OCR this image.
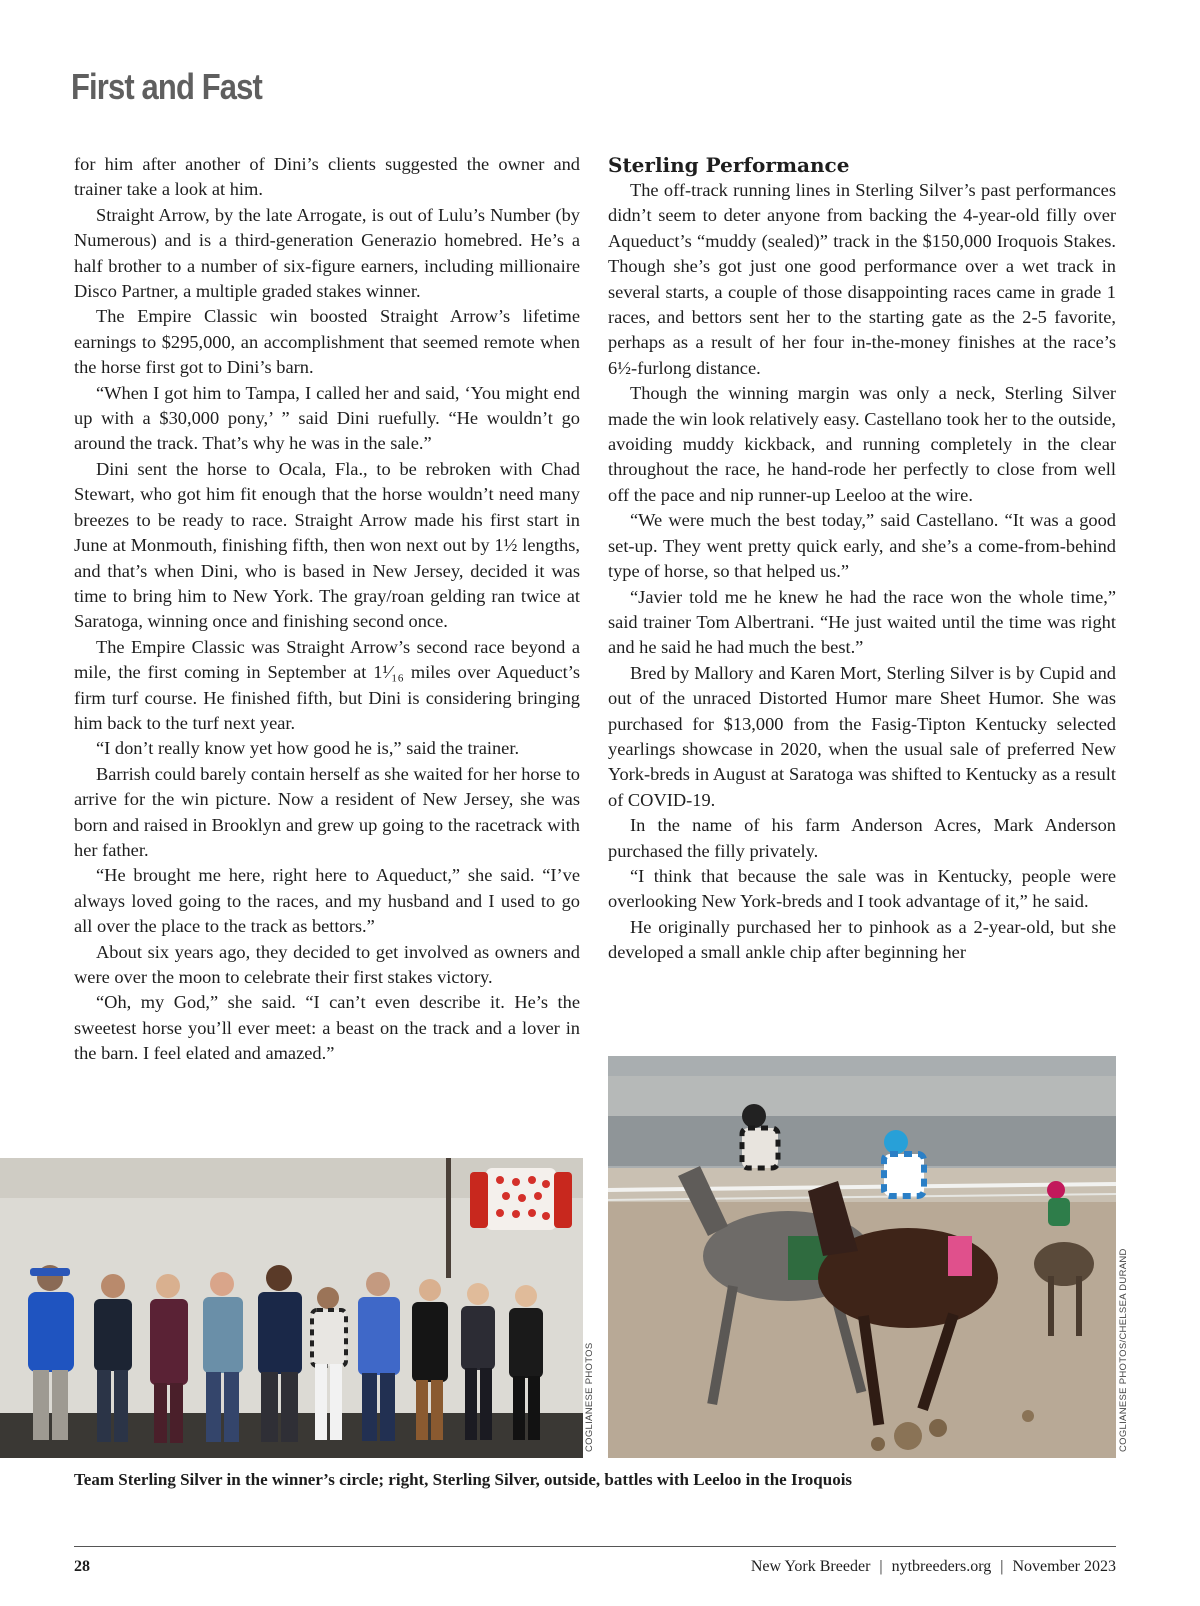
First and Fast

for him after another of Dini’s clients suggested the owner and trainer take a look at him.

Straight Arrow, by the late Arrogate, is out of Lulu’s Number (by Numerous) and is a third-generation Generazio homebred. He’s a half brother to a number of six-figure earners, including millionaire Disco Partner, a multiple graded stakes winner.

The Empire Classic win boosted Straight Arrow’s lifetime earnings to $295,000, an accomplishment that seemed remote when the horse first got to Dini’s barn.

“When I got him to Tampa, I called her and said, ‘You might end up with a $30,000 pony,’ ” said Dini ruefully. “He wouldn’t go around the track. That’s why he was in the sale.”

Dini sent the horse to Ocala, Fla., to be rebroken with Chad Stewart, who got him fit enough that the horse wouldn’t need many breezes to be ready to race. Straight Arrow made his first start in June at Monmouth, finishing fifth, then won next out by 1½ lengths, and that’s when Dini, who is based in New Jersey, decided it was time to bring him to New York. The gray/roan gelding ran twice at Saratoga, winning once and finishing second once.

The Empire Classic was Straight Arrow’s second race beyond a mile, the first coming in September at 1¹⁄₁₆ miles over Aqueduct’s firm turf course. He finished fifth, but Dini is considering bringing him back to the turf next year.

“I don’t really know yet how good he is,” said the trainer.

Barrish could barely contain herself as she waited for her horse to arrive for the win picture. Now a resident of New Jersey, she was born and raised in Brooklyn and grew up going to the racetrack with her father.

“He brought me here, right here to Aqueduct,” she said. “I’ve always loved going to the races, and my husband and I used to go all over the place to the track as bettors.”

About six years ago, they decided to get involved as owners and were over the moon to celebrate their first stakes victory.

“Oh, my God,” she said. “I can’t even describe it. He’s the sweetest horse you’ll ever meet: a beast on the track and a lover in the barn. I feel elated and amazed.”

Sterling Performance

The off-track running lines in Sterling Silver’s past performances didn’t seem to deter anyone from backing the 4-year-old filly over Aqueduct’s “muddy (sealed)” track in the $150,000 Iroquois Stakes. Though she’s got just one good performance over a wet track in several starts, a couple of those disappointing races came in grade 1 races, and bettors sent her to the starting gate as the 2-5 favorite, perhaps as a result of her four in-the-money finishes at the race’s 6½-furlong distance.

Though the winning margin was only a neck, Sterling Silver made the win look relatively easy. Castellano took her to the outside, avoiding muddy kickback, and running completely in the clear throughout the race, he hand-rode her perfectly to close from well off the pace and nip runner-up Leeloo at the wire.

“We were much the best today,” said Castellano. “It was a good set-up. They went pretty quick early, and she’s a come-from-behind type of horse, so that helped us.”

“Javier told me he knew he had the race won the whole time,” said trainer Tom Albertrani. “He just waited until the time was right and he said he had much the best.”

Bred by Mallory and Karen Mort, Sterling Silver is by Cupid and out of the unraced Distorted Humor mare Sheet Humor. She was purchased for $13,000 from the Fasig-Tipton Kentucky selected yearlings showcase in 2020, when the usual sale of preferred New York-breds in August at Saratoga was shifted to Kentucky as a result of COVID-19.

In the name of his farm Anderson Acres, Mark Anderson purchased the filly privately.

“I think that because the sale was in Kentucky, people were overlooking New York-breds and I took advantage of it,” he said.

He originally purchased her to pinhook as a 2-year-old, but she developed a small ankle chip after beginning her

COGLIANESE PHOTOS	COGLIANESE PHOTOS/CHELSEA DURAND

Team Sterling Silver in the winner’s circle; right, Sterling Silver, outside, battles with Leeloo in the Iroquois

28	New York Breeder | nytbreeders.org | November 2023
